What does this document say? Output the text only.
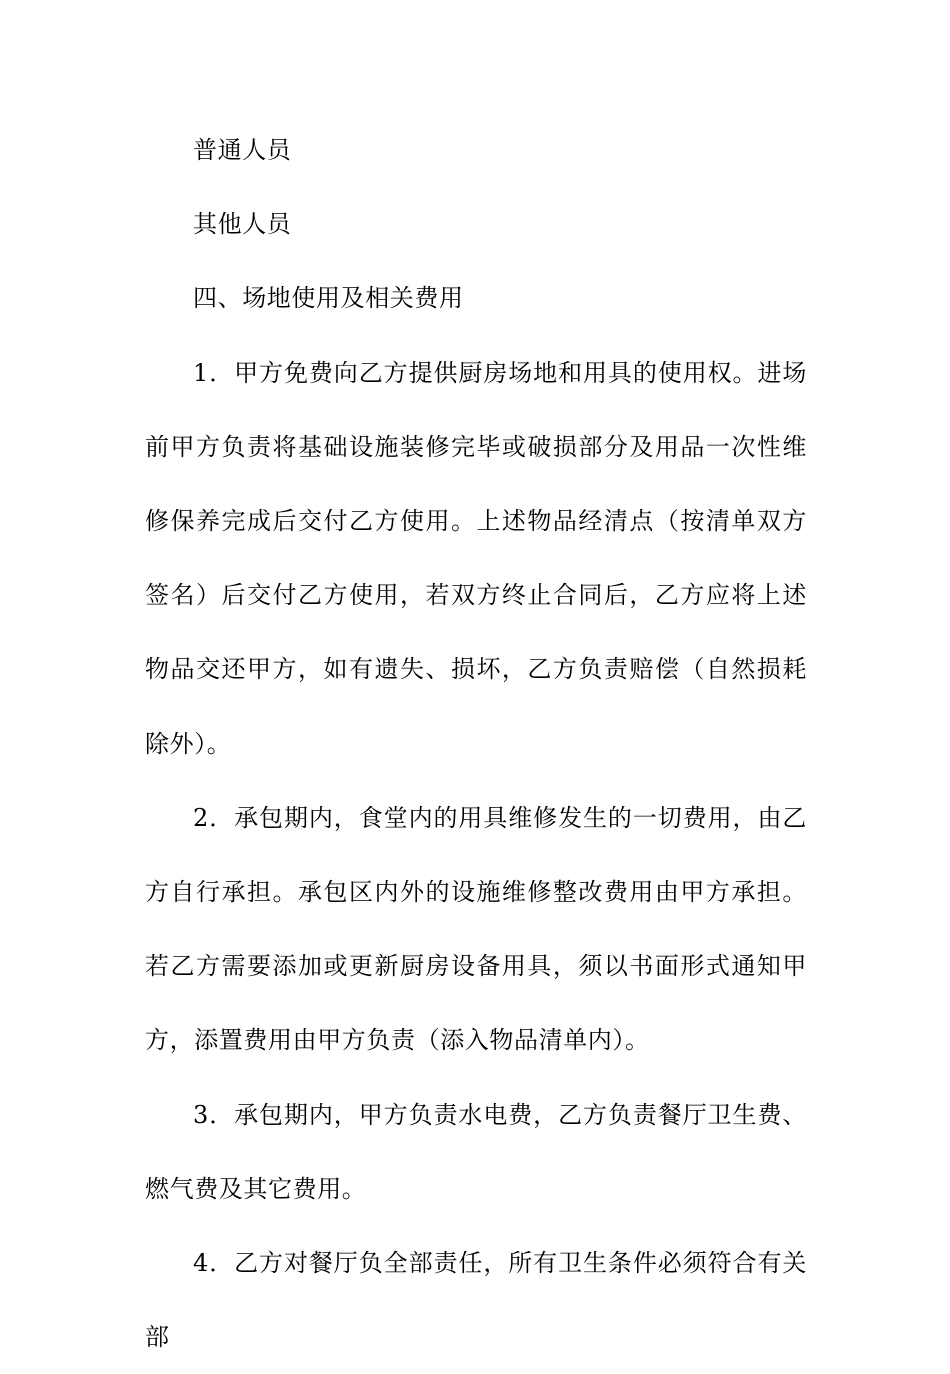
普通人员

其他人员

四、场地使用及相关费用

1．甲方免费向乙方提供厨房场地和用具的使用权。进场前甲方负责将基础设施装修完毕或破损部分及用品一次性维修保养完成后交付乙方使用。上述物品经清点（按清单双方签名）后交付乙方使用，若双方终止合同后，乙方应将上述物品交还甲方，如有遗失、损坏，乙方负责赔偿（自然损耗除外）。

2．承包期内，食堂内的用具维修发生的一切费用，由乙方自行承担。承包区内外的设施维修整改费用由甲方承担。若乙方需要添加或更新厨房设备用具，须以书面形式通知甲方，添置费用由甲方负责（添入物品清单内）。

3．承包期内，甲方负责水电费，乙方负责餐厅卫生费、燃气费及其它费用。

4．乙方对餐厅负全部责任，所有卫生条件必须符合有关部
